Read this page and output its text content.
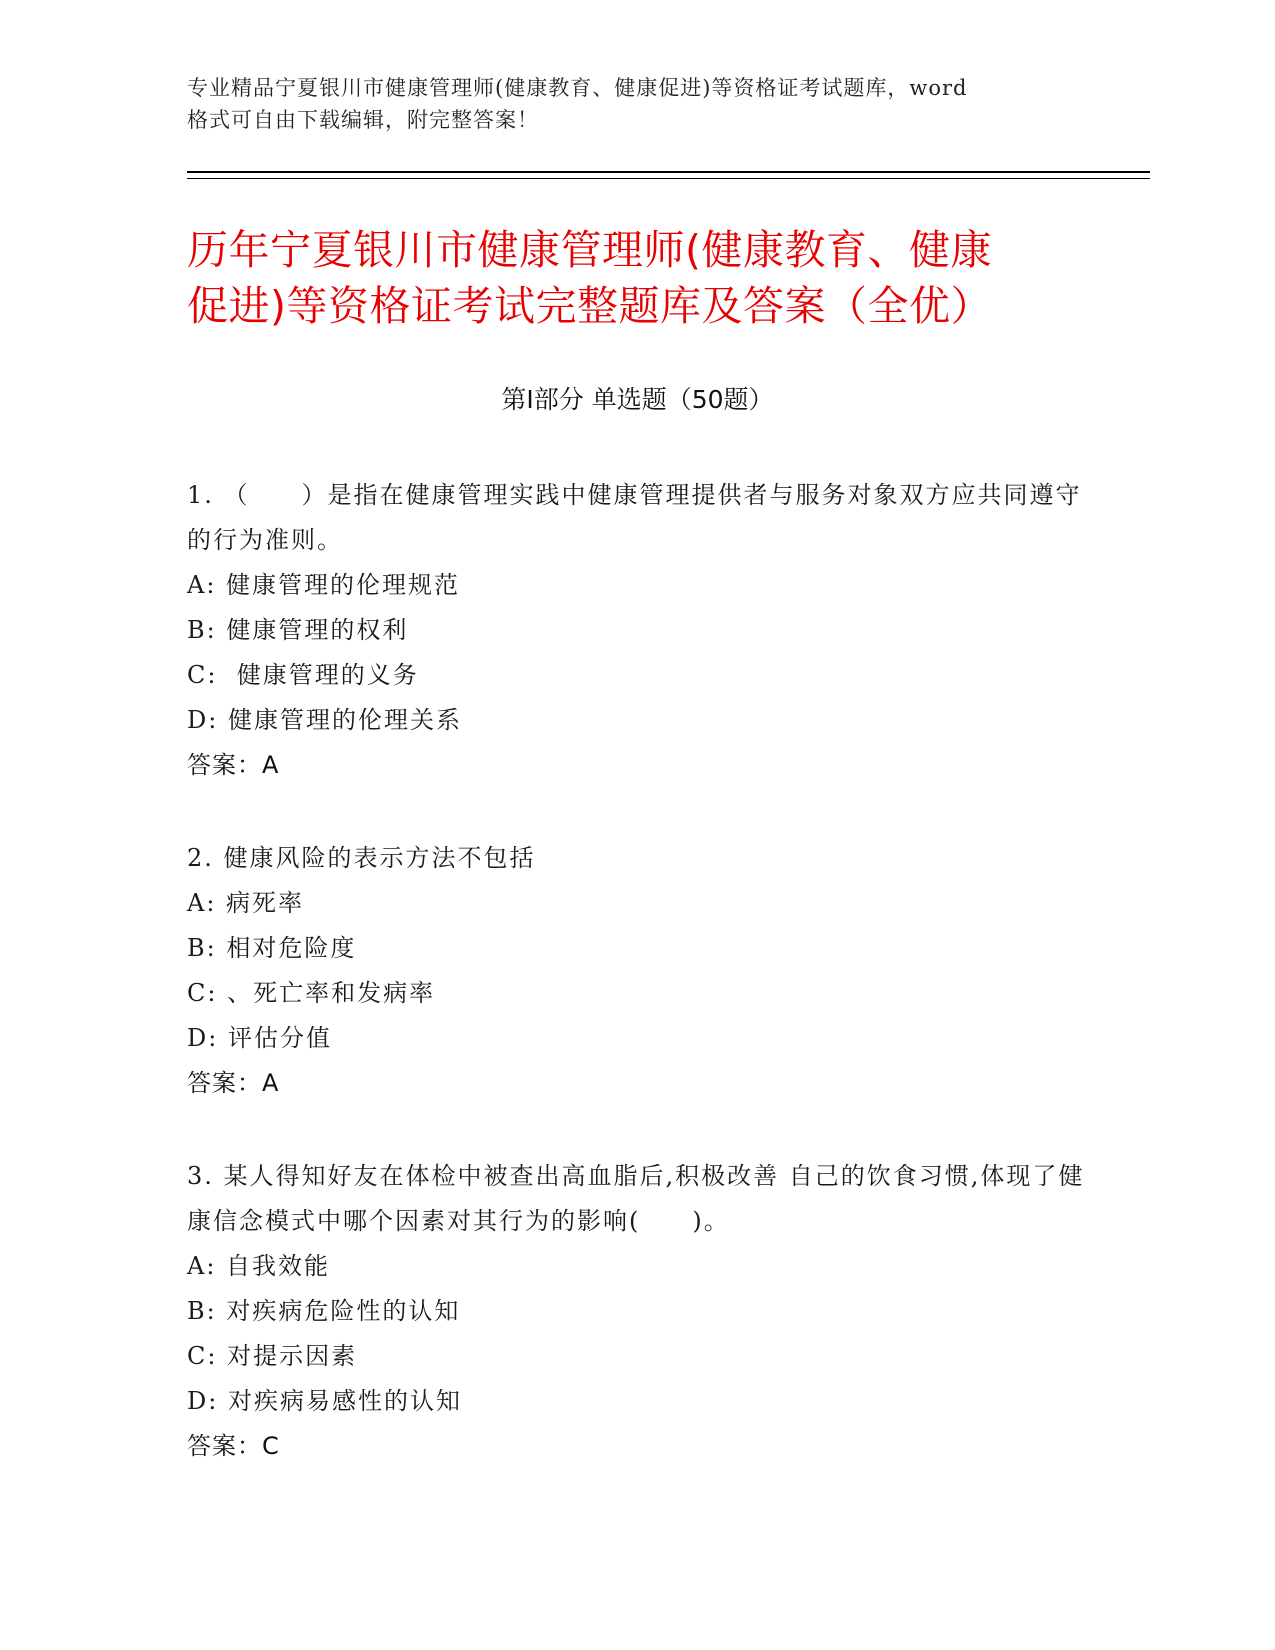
专业精品宁夏银川市健康管理师(健康教育、健康促进)等资格证考试题库，word
格式可自由下载编辑，附完整答案！
历年宁夏银川市健康管理师(健康教育、健康
促进)等资格证考试完整题库及答案（全优）
第Ⅰ部分 单选题（50题）

1. （　　）是指在健康管理实践中健康管理提供者与服务对象双方应共同遵守的行为准则。

A: 健康管理的伦理规范

B: 健康管理的权利

C:  健康管理的义务

D: 健康管理的伦理关系

答案：A

2. 健康风险的表示方法不包括

A: 病死率

B: 相对危险度

C: 、死亡率和发病率

D: 评估分值

答案：A

3. 某人得知好友在体检中被查出高血脂后,积极改善 自己的饮食习惯,体现了健康信念模式中哪个因素对其行为的影响(　　)。

A: 自我效能

B: 对疾病危险性的认知

C: 对提示因素

D: 对疾病易感性的认知

答案：C
